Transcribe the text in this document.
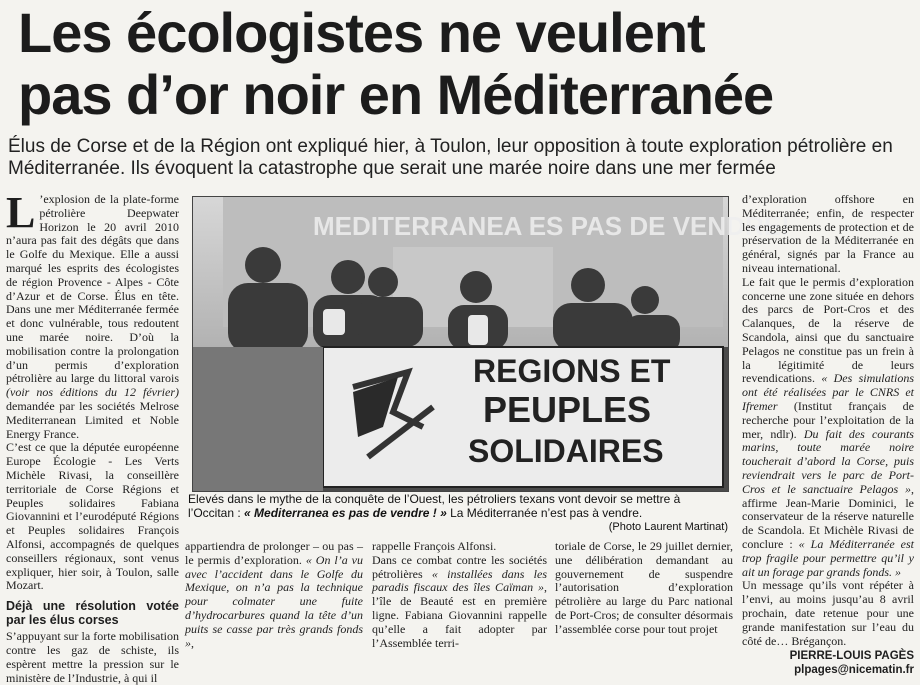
Les écologistes ne veulent
pas d’or noir en Méditerranée

Élus de Corse et de la Région ont expliqué hier, à Toulon, leur opposition à toute exploration pétrolière en Méditerranée. Ils évoquent la catastrophe que serait une marée noire dans une mer fermée

L ’explosion de la plate-forme pétrolière Deepwater Horizon le 20 avril 2010 n’aura pas fait des dégâts que dans le Golfe du Mexique. Elle a aussi marqué les esprits des écologistes de région Provence - Alpes - Côte d’Azur et de Corse. Élus en tête. Dans une mer Méditerranée fermée et donc vulnérable, tous redoutent une marée noire. D’où la mobilisation contre la prolongation d’un permis d’exploration pétrolière au large du littoral varois (voir nos éditions du 12 février) demandée par les sociétés Melrose Mediterranean Limited et Noble Energy France.

C’est ce que la députée européenne Europe Écologie - Les Verts Michèle Rivasi, la conseillère territoriale de Corse Régions et Peuples solidaires Fabiana Giovannini et l’eurodéputé Régions et Peuples solidaires François Alfonsi, accompagnés de quelques conseillers régionaux, sont venus expliquer, hier soir, à Toulon, salle Mozart.

Déjà une résolution votée par les élus corses

S’appuyant sur la forte mobilisation contre les gaz de schiste, ils espèrent mettre la pression sur le ministère de l’Industrie, à qui il

MEDITERRANEA ES PAS DE VENDRE!
REGIONS ET
PEUPLES
SOLIDAIRES
Elevés dans le mythe de la conquête de l’Ouest, les pétroliers texans vont devoir se mettre à l’Occitan : « Mediterranea es pas de vendre ! » La Méditerranée n’est pas à vendre.
(Photo Laurent Martinat)

appartiendra de prolonger – ou pas – le permis d’exploration. « On l’a vu avec l’accident dans le Golfe du Mexique, on n’a pas la technique pour colmater une fuite d’hydrocarbures quand la tête d’un puits se casse par très grands fonds »,

rappelle François Alfonsi.

Dans ce combat contre les sociétés pétrolières « installées dans les paradis fiscaux des îles Caïman », l’île de Beauté est en première ligne. Fabiana Giovannini rappelle qu’elle a fait adopter par l’Assemblée terri-

toriale de Corse, le 29 juillet dernier, une délibération demandant au gouvernement de suspendre l’autorisation d’exploration pétrolière au large du Parc national de Port-Cros; de consulter désormais l’assemblée corse pour tout projet

d’exploration offshore en Méditerranée; enfin, de respecter les engagements de protection et de préservation de la Méditerranée en général, signés par la France au niveau international.

Le fait que le permis d’exploration concerne une zone située en dehors des parcs de Port-Cros et des Calanques, de la réserve de Scandola, ainsi que du sanctuaire Pelagos ne constitue pas un frein à la légitimité de leurs revendications. « Des simulations ont été réalisées par le CNRS et Ifremer (Institut français de recherche pour l’exploitation de la mer, ndlr). Du fait des courants marins, toute marée noire toucherait d’abord la Corse, puis reviendrait vers le parc de Port-Cros et le sanctuaire Pelagos », affirme Jean-Marie Dominici, le conservateur de la réserve naturelle de Scandola. Et Michèle Rivasi de conclure : « La Méditerranée est trop fragile pour permettre qu’il y ait un forage par grands fonds. »

Un message qu’ils vont répéter à l’envi, au moins jusqu’au 8 avril prochain, date retenue pour une grande manifestation sur l’eau du côté de… Brégançon.

PIERRE-LOUIS PAGÈS

plpages@nicematin.fr
